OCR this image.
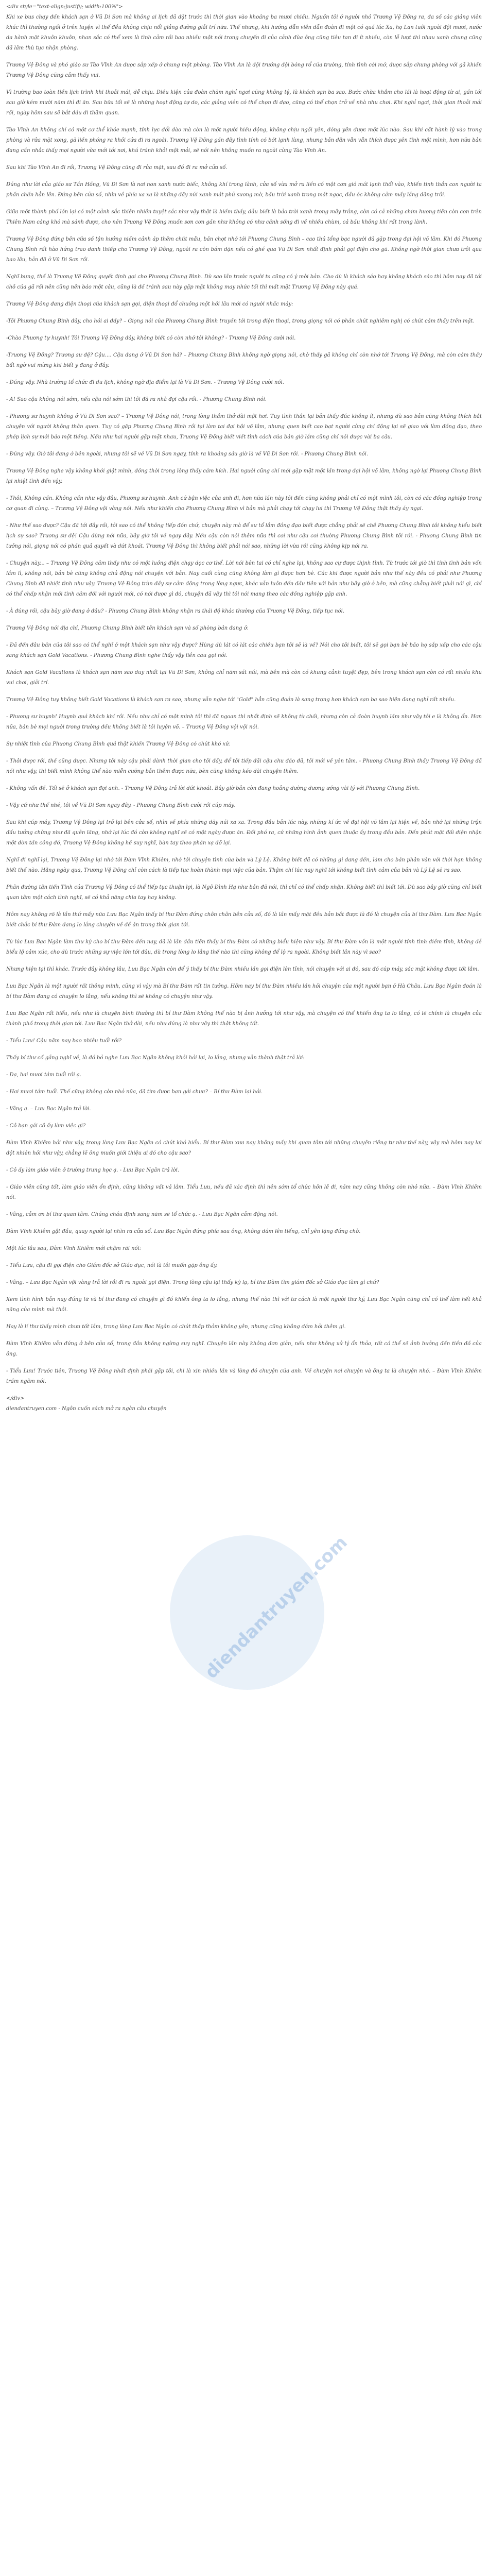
<div style="text-align:justify; width:100%">

Khi xe bus chạy đến khách sạn ở Vũ Di Sơn mà không ai lịch đã đặt trước thì thời gian vào khoảng ba mươi chiều. Nguồn tôi ở người nhỏ Trương Vệ Đông ra, đa số các giảng viên khác thì thường ngồi ở trên luyện vì thế đều không chịu nổi giảng đường giải trí nữa. Thế nhưng, khi hướng dẫn viên dẫn đoàn đi một có quá lúc Xa, họ Lan tuôi ngoài đội mươi, nước da hành mặt khuôn khuôn, nhan sắc có thể xem là tình cảm rồi bao nhiều một nói trong chuyến đi của cảnh đùa ông cũng tiêu tan đi ít nhiều, còn lễ lượt thì nhau xanh chung cũng đã lâm thù tục nhận phòng.

Trương Vệ Đông và phó giáo sư Tào Vĩnh An được sắp xếp ở chung một phòng. Tào Vĩnh An là đội trưởng đội bóng rổ của trường, tính tình cởi mở, được sắp chung phòng với gã khiến Trương Vệ Đông cũng cảm thấy vui.

Vì trường bao toàn tiền lịch trình khi thoải mái, dễ chịu. Điều kiện của đoàn chăm nghỉ ngơi cũng không tệ, là khách sạn ba sao. Bước chừa khắm cho lái là hoạt động từ ai, gần tới sau giờ kém mười năm thì đi ăn. Sau bữa tối sẽ là những hoạt động tự do, các giảng viên có thể chọn đi dạo, cũng có thể chọn trở về nhà nhu chơi. Khi nghỉ ngơi, thời gian thoải mái rồi, ngày hôm sau sẽ bắt đầu đi thăm quan.

Tào Vĩnh An không chỉ có một cơ thể khỏe mạnh, tính lực đổi dào mà còn là một người hiếu động, không chịu ngồi yên, đóng yên được một lúc nào. Sau khi cất hành lý vào trong phòng và rửa mặt xong, gã liền phóng ra khỏi cửa đi ra ngoài. Trương Vệ Đông gần đây tình tính có bớt lạnh lùng, nhưng bản dân vẫn vẫn thích được yên tĩnh một mình, hơn nữa bản đang cần nhắc thấy mọi người vừa mới tới nơi, khú tránh khỏi một mỏi, sẽ nói nên không muốn ra ngoài cùng Tào Vĩnh An.

Sau khi Tào Vĩnh An đi rồi, Trương Vệ Đông cũng đi rửa mặt, sau đó đi ra mở cửa số.

Đúng như lời của giáo sư Tần Hồng, Vũ Di Sơn là nơi non xanh nước biếc, không khí trong lành, cửa số vừa mở ra liền có một cơn gió mát lạnh thổi vào, khiến tinh thần con người ta phấn chấn hẳn lên. Đứng bên cửa số, nhìn về phía xa xa là những dãy núi xanh mát phủ sương mờ, bầu trời xanh trong mát ngọc, đầu óc không cảm mấy lắng đãng trôi.

Giữa một thành phố lớn lại có một cảnh sắc thiên nhiên tuyệt sắc như vậy thật là hiếm thấy, dẫu biết là bảo trời xanh trong mây trắng, còn có cả những chim hương tiên còn cơn trên Thiên Nam cảng khó mà sánh được, cho nên Trương Vệ Đông muốn sơn cơn gần như không có như cảnh sống đi về nhiều chùm, cả bầu không khí rất trong lành.

Trương Vệ Đông đứng bên cửa số tận hưởng niềm cảnh áp thêm chút mẫu, bản chợt nhớ tới Phương Chung Bình – cao thủ tổng bạc người đã gặp trong đại hội võ lâm. Khi đó Phương Chung Bình rất hào hứng trao danh thiếp cho Trương Vệ Đông, ngoài ra còn bám dặn nếu có ghé qua Vũ Di Sơn nhất định phải gọi điện cho gã. Không ngờ thời gian chưa trôi qua bao lâu, bản đã ở Vũ Di Sơn rồi.

Nghĩ bụng, thế là Trương Vệ Đông quyết định gọi cho Phương Chung Bình. Dù sao lần trước người ta cũng có ý mời bản. Cho dù là khách sáo hay không khách sáo thì hôm nay đã tới chỗ của gã rồi nên cũng nên báo một câu, cũng là đề tránh sau này gặp mặt không may nhức tối thì mất mặt Trương Vệ Đông này quá.

Trương Vệ Đông đang điện thoại của khách sạn gọi, điện thoại đổ chuông một hồi lâu mới có người nhấc máy:

-Tôi Phương Chung Bình đây, cho hỏi ai đấy? – Giọng nói của Phương Chung Bình truyền tới trong điện thoại, trong giọng nói có phần chút nghiêm nghị có chút cảm thấy trên mặt.

-Chào Phương tự huynh! Tôi Trương Vệ Đông đây, không biết có còn nhớ tôi không? - Trương Vệ Đông cười nói.

-Trương Vệ Đông? Trương sư đệ? Cậu.... Cậu đang ở Vũ Di Sơn hả? – Phương Chung Bình không ngờ giọng nói, chờ thấy gã không chỉ còn nhớ tới Trương Vệ Đông, mà còn cảm thấy bất ngờ vui mừng khi biết y đang ở đây.

- Đúng vậy. Nhà trường tổ chức đi du lịch, không ngờ địa điểm lại là Vũ Di Sơn. - Trương Vệ Đông cười nói.

- A! Sao cậu không nói sớm, nếu cậu nói sớm thì tôi đã ra nhà đợi cậu rồi. - Phương Chung Bình nói.

- Phương sư huynh không ở Vũ Di Sơn sao? – Trương Vệ Đông nói, trong lòng thầm thở dài một hơi. Tuy tình thần lại bản thấy đúc không ít, nhưng dù sao bản cũng không thích bắt chuyện với người không thân quen. Tuy có gặp Phương Chung Bình rồi tại làm tai đại hội võ lâm, nhưng quen biết cao bạt người cùng chí động lại sẽ giao với làm đồng đạo, theo phép lịch sự mới báo một tiếng. Nếu như hai người gặp mặt nhau, Trương Vệ Đông biết viết tình cách của bản giờ lắm cũng chỉ nói được vài ba câu.

- Đúng vậy. Giờ tôi đang ở bên ngoài, nhưng tôi sẽ về Vũ Di Sơn ngay, tính ra khoảng sáu giờ là về Vũ Di Sơn rồi. - Phương Chung Bình nói.

Trương Vệ Đông nghe vậy không khỏi giật mình, đồng thời trong lòng thấy cảm kích. Hai người cũng chỉ mới gặp mặt một lần trong đại hội võ lâm, không ngờ lại Phương Chung Bình lại nhiệt tình đến vậy.

- Thôi, Không cần. Không cần như vậy đâu, Phương sư huynh. Anh cứ bận việc của anh đi, hơn nữa lần này tôi đến cũng không phải chỉ có một mình tôi, còn có các đồng nghiệp trong cơ quan đi cùng. – Trương Vệ Đông vội vàng nói. Nếu như khiến cho Phương Chung Bình vì bản mà phải chạy tới chạy lui thì Trương Vệ Đông thật thấy áy ngại.

- Như thế sao được? Cậu đã tới đây rồi, tôi sao có thể không tiếp đón chứ, chuyện này mà để sư tổ lắm đồng đạo biết được chẳng phải sẽ chê Phương Chung Bình tôi không hiểu biết lịch sự sao? Trương sư đệ! Cậu đừng nói nữa, bây giờ tôi về ngay đây. Nếu cậu còn nói thêm nữa thì coi như cậu coi thường Phương Chung Bình tôi rồi. - Phương Chung Bình tin tưởng nói, giọng nói có phần quả quyết và dứt khoát. Trương Vệ Đông thì không biết phải nói sao, những lời vừa rồi cũng không kịp nói ra.

- Chuyện này... – Trương Vệ Đông cảm thấy như có một luồng điện chạy dọc cơ thể. Lời nói bên tai có chỉ nghe lại, không sao cự được thịnh tình. Từ trước tới giờ thì tính tình bản vốn lầm lì, không nói, bản bè cũng không chủ động nói chuyện với bản. Nay cuối cùng cũng không làm gì được hơn bè. Các khi được người bản như thế này đều có phải như Phương Chung Bình đã nhiệt tình như vậy. Trương Vệ Đông tràn đầy sự cảm động trong lòng ngực, khác vẫn luôn đến đầu tiên với bản như bây giờ ở bên, mà cũng chẳng biết phải nói gì, chỉ có thể chấp nhận mối tình cảm đối với người mới, có nói được gì đó, chuyện đã vậy thì tôi nói mang theo các đồng nghiệp gặp anh.

- À đúng rồi, cậu bây giờ đang ở đâu? - Phương Chung Bình không nhận ra thái độ khác thường của Trương Vệ Đông, tiếp tục nói.

Trương Vệ Đông nói địa chỉ, Phương Chung Bình biết tên khách sạn và số phòng bản đang ở.

- Đã đến đâu bản của tôi sao có thể nghĩ ở một khách sạn như vậy được? Hùng dù lát có lát các chiều bạn tôi sẽ là về? Nói cho tôi biết, tôi sẽ gọi bạn bè bảo họ sắp xếp cho các cậu sang khách sạn Gold Vacations. - Phương Chung Bình nghe thấy vậy liền cau gọi nói.

Khách sạn Gold Vacations là khách sạn năm sao duy nhất tại Vũ Di Sơn, không chỉ năm sát núi, mà bên mà còn có khung cảnh tuyệt đẹp, bên trong khách sạn còn có rất nhiều khu vui chơi, giải trí.

Trương Vệ Đông tuy không biết Gold Vacations là khách sạn ra sao, nhưng vẫn nghe tới "Gold" hẳn cũng đoán là sang trọng hơn khách sạn ba sao hiện đang nghỉ rất nhiều.

- Phương sư huynh! Huynh quá khách khí rồi. Nếu như chỉ có một mình tôi thì đã ngoan thì nhất định sẽ không từ chối, nhưng còn cả đoàn huynh lầm như vậy tôi e là không ổn. Hơn nữa, bản bè mọi người trong trường đều không biết là tôi luyện võ. – Trương Vệ Đông vội vội nói.

Sự nhiệt tình của Phương Chung Bình quả thật khiến Trương Vệ Đông có chút khó xử.

- Thôi được rồi, thế cũng được. Nhưng tôi này cậu phải dành thời gian cho tôi đấy, để tôi tiếp đãi cậu chu đáo đã, tôi mới về yên tâm. - Phương Chung Bình thấy Trương Vệ Đông đã nói như vậy, thì biết mình không thể nào miễn cưỡng bản thêm được nữa, bèn cũng không kéo dài chuyện thêm.

- Không vấn đề. Tối sẽ ở khách sạn đợi anh. - Trương Vệ Đông trả lời dứt khoát. Bây giờ bản còn đang hoảng dường dương ướng vài lý với Phương Chung Bình.

- Vậy cứ như thế nhé, tôi về Vũ Di Sơn ngay đây. - Phương Chung Bình cười rồi cúp máy.

Sau khi cúp máy, Trương Vệ Đông lại trở lại bên cửa số, nhìn về phía những dãy núi xa xa. Trong đầu bản lúc này, những kí ức về đại hội võ lâm lại hiện về, bản nhớ lại những trận đấu tưởng chừng như đã quên lãng, nhớ lại lúc đó còn không nghĩ sẽ có một ngày được ăn. Đối phó ra, cứ những hình ảnh quen thuộc ấy trong đầu bản. Đến phút mặt đối diện nhận một đòn tấn công đó, Trương Vệ Đông không hề suy nghĩ, bàn tay theo phản xạ đỡ lại.

Nghĩ đi nghĩ lại, Trương Vệ Đông lại nhớ tới Đàm Vĩnh Khiêm, nhớ tới chuyện tình của bản và Lý Lệ. Không biết đã có những gì đang đến, làm cho bản phân vân với thời hạn không biết thế nào. Hằng ngày qua, Trương Vệ Đông chỉ còn cách là tiếp tục hoàn thành mọi việc của bản. Thậm chí lúc nay nghĩ tới không biết tình cảm của bản và Lý Lệ sẽ ra sao.

Phân đường tân tiến Tình của Trương Vệ Đông có thể tiếp tục thuận lợi, là Ngô Đình Hạ như bản đã nói, thì chỉ có thể chấp nhận. Không biết thì biết tới. Dù sao bây giờ cũng chỉ biết quan tâm một cách tình nghĩ, sẽ có khả năng chia tay hay không.

Hôm nay không rõ là lần thứ mấy nữa Lưu Bạc Ngân thấy bí thư Đàm đứng chôn chân bên cửa số, đó là lần mấy mặt đều bản bắt được là đó là chuyện của bí thư Đàm. Lưu Bạc Ngân biết chắc bí thư Đàm đang lo lắng chuyện về đề án trong thời gian tới.

Từ lúc Lưu Bạc Ngân làm thư ký cho bí thư Đàm đến nay, đã là lần đầu tiên thấy bí thư Đàm có những biểu hiện như vậy. Bí thư Đàm vốn là một người tính tình điềm tĩnh, không dễ biểu lộ cảm xúc, cho dù trước những sự việc lớn tới đâu, dù trong lòng lo lắng thế nào thì cũng không để lộ ra ngoài. Không biết lần này vì sao?

Nhưng hiện tại thì khác. Trước đây không lâu, Lưu Bạc Ngân còn để ý thấy bí thư Đàm nhiều lần gọi điện lên tỉnh, nói chuyện với ai đó, sau đó cúp máy, sắc mặt không được tốt lắm.

Lưu Bạc Ngân là một người rất thông minh, cũng vì vậy mà Bí thư Đàm rất tin tưởng. Hôm nay bí thư Đàm nhiều lần hỏi chuyện của một người bạn ở Hà Châu. Lưu Bạc Ngân đoán là bí thư Đàm đang có chuyện lo lắng, nếu không thì sẽ không có chuyện như vậy.

Lưu Bạc Ngân rất hiểu, nếu như là chuyện bình thường thì bí thư Đàm không thể nào bị ảnh hưởng tới như vậy, mà chuyện có thể khiến ông ta lo lắng, có lẽ chính là chuyện của thành phố trong thời gian tới. Lưu Bạc Ngân thở dài, nếu như đúng là như vậy thì thật không tốt.

- Tiểu Lưu! Cậu năm nay bao nhiêu tuổi rồi?

Thấy bí thư cố gắng nghĩ về, là đó bỏ nghe Lưu Bạc Ngân không khỏi hỏi lại, lo lắng, nhưng vẫn thành thật trả lời:

- Dạ, hai mươi tám tuổi rồi ạ.

- Hai mươi tám tuổi. Thế cũng không còn nhỏ nữa, đã tìm được bạn gái chưa? – Bí thư Đàm lại hỏi.

- Vâng ạ. – Lưu Bạc Ngân trả lời.

- Cô bạn gái cô ấy làm việc gì?

Đàm Vĩnh Khiêm hỏi như vậy, trong lòng Lưu Bạc Ngân có chút khó hiểu. Bí thư Đàm xưa nay không mấy khi quan tâm tới những chuyện riêng tư như thế này, vậy mà hôm nay lại đột nhiên hỏi như vậy, chẳng lẽ ông muốn giới thiệu ai đó cho cậu sao?

- Cô ấy làm giáo viên ở trường trung học ạ. - Lưu Bạc Ngân trả lời.

- Giáo viên cũng tốt, làm giáo viên ổn định, cũng không vất vả lắm. Tiểu Lưu, nếu đã xác định thì nên sớm tổ chức hôn lễ đi, năm nay cũng không còn nhỏ nữa. – Đàm Vĩnh Khiêm nói.

- Vâng, cảm ơn bí thư quan tâm. Chúng cháu định sang năm sẽ tổ chức ạ. - Lưu Bạc Ngân cảm động nói.

Đàm Vĩnh Khiêm gật đầu, quay người lại nhìn ra cửa sổ. Lưu Bạc Ngân đứng phía sau ông, không dám lên tiếng, chỉ yên lặng đứng chờ.

Một lúc lâu sau, Đàm Vĩnh Khiêm mới chậm rãi nói:

- Tiểu Lưu, cậu đi gọi điện cho Giám đốc sở Giáo dục, nói là tôi muốn gặp ông ấy.

- Vâng. – Lưu Bạc Ngân vội vàng trả lời rồi đi ra ngoài gọi điện. Trong lòng cậu lại thấy kỳ lạ, bí thư Đàm tìm giám đốc sở Giáo dục làm gì chứ?

Xem tình hình bản nay đúng lữ và bí thư đang có chuyện gì đó khiến ông ta lo lắng, nhưng thế nào thì với tư cách là một người thư ký, Lưu Bạc Ngân cũng chỉ có thể làm hết khả năng của mình mà thôi.

Hay là lí thư thấy mình chưa tốt lắm, trong lòng Lưu Bạc Ngân có chút thấp thỏm không yên, nhưng cũng không dám hỏi thêm gì.

Đàm Vĩnh Khiêm vẫn đứng ở bên cửa sổ, trong đầu không ngừng suy nghĩ. Chuyện lần này không đơn giản, nếu như không xử lý ổn thỏa, rất có thể sẽ ảnh hưởng đến tiền đồ của ông.

- Tiểu Lưu! Trước tiên, Trương Vệ Đông nhất định phải gặp tôi, chi là xin nhiều lần và lòng đó chuyện của anh. Về chuyện nơi chuyện và ông ta là chuyện nhỏ. – Đàm Vĩnh Khiêm trầm ngâm nói.

</div>
diendantruyen.com - Ngôn cuốn sách mở ra ngàn câu chuyện
diendantruyen.com
